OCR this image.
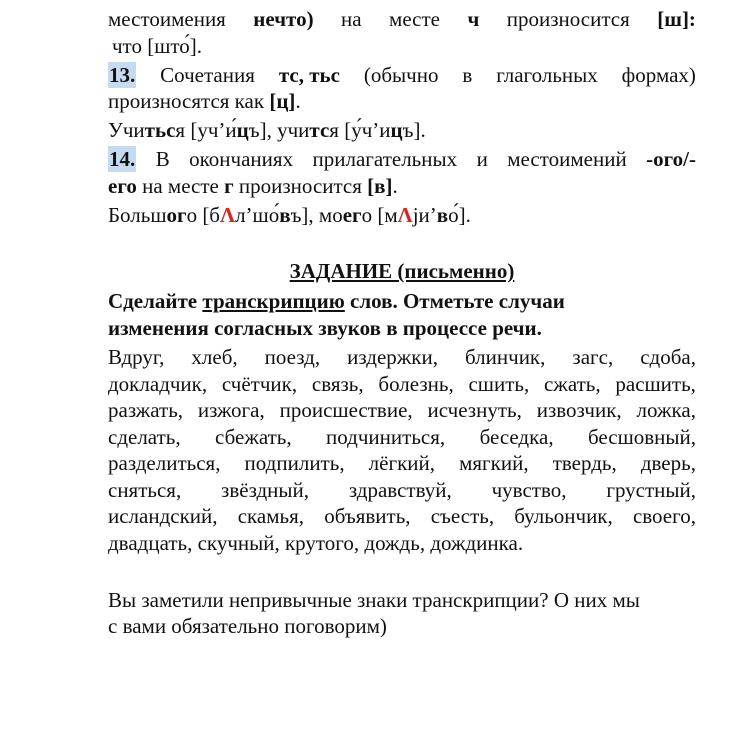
местоимения нечто) на месте ч произносится [ш]:
что [што́].
13. Сочетания тс, тьс (обычно в глагольных формах)
произносятся как [ц].
Учиться [уч’и́цъ], учится [у́ч’ицъ].
14. В окончаниях прилагательных и местоимений -ого/-
его на месте г произносится [в].
Большого [бΛл’шо́въ], моего [мΛjи’во́].
ЗАДАНИЕ (письменно)
Сделайте транскрипцию слов. Отметьте случаи
изменения согласных звуков в процессе речи.
Вдруг, хлеб, поезд, издержки, блинчик, загс, сдоба,
докладчик, счётчик, связь, болезнь, сшить, сжать, расшить,
разжать, изжога, происшествие, исчезнуть, извозчик, ложка,
сделать, сбежать, подчиниться, беседка, бесшовный,
разделиться, подпилить, лёгкий, мягкий, твердь, дверь,
сняться, звёздный, здравствуй, чувство, грустный,
исландский, скамья, объявить, съесть, бульончик, своего,
двадцать, скучный, крутого, дождь, дождинка.
Вы заметили непривычные знаки транскрипции? О них мы
с вами обязательно поговорим)
